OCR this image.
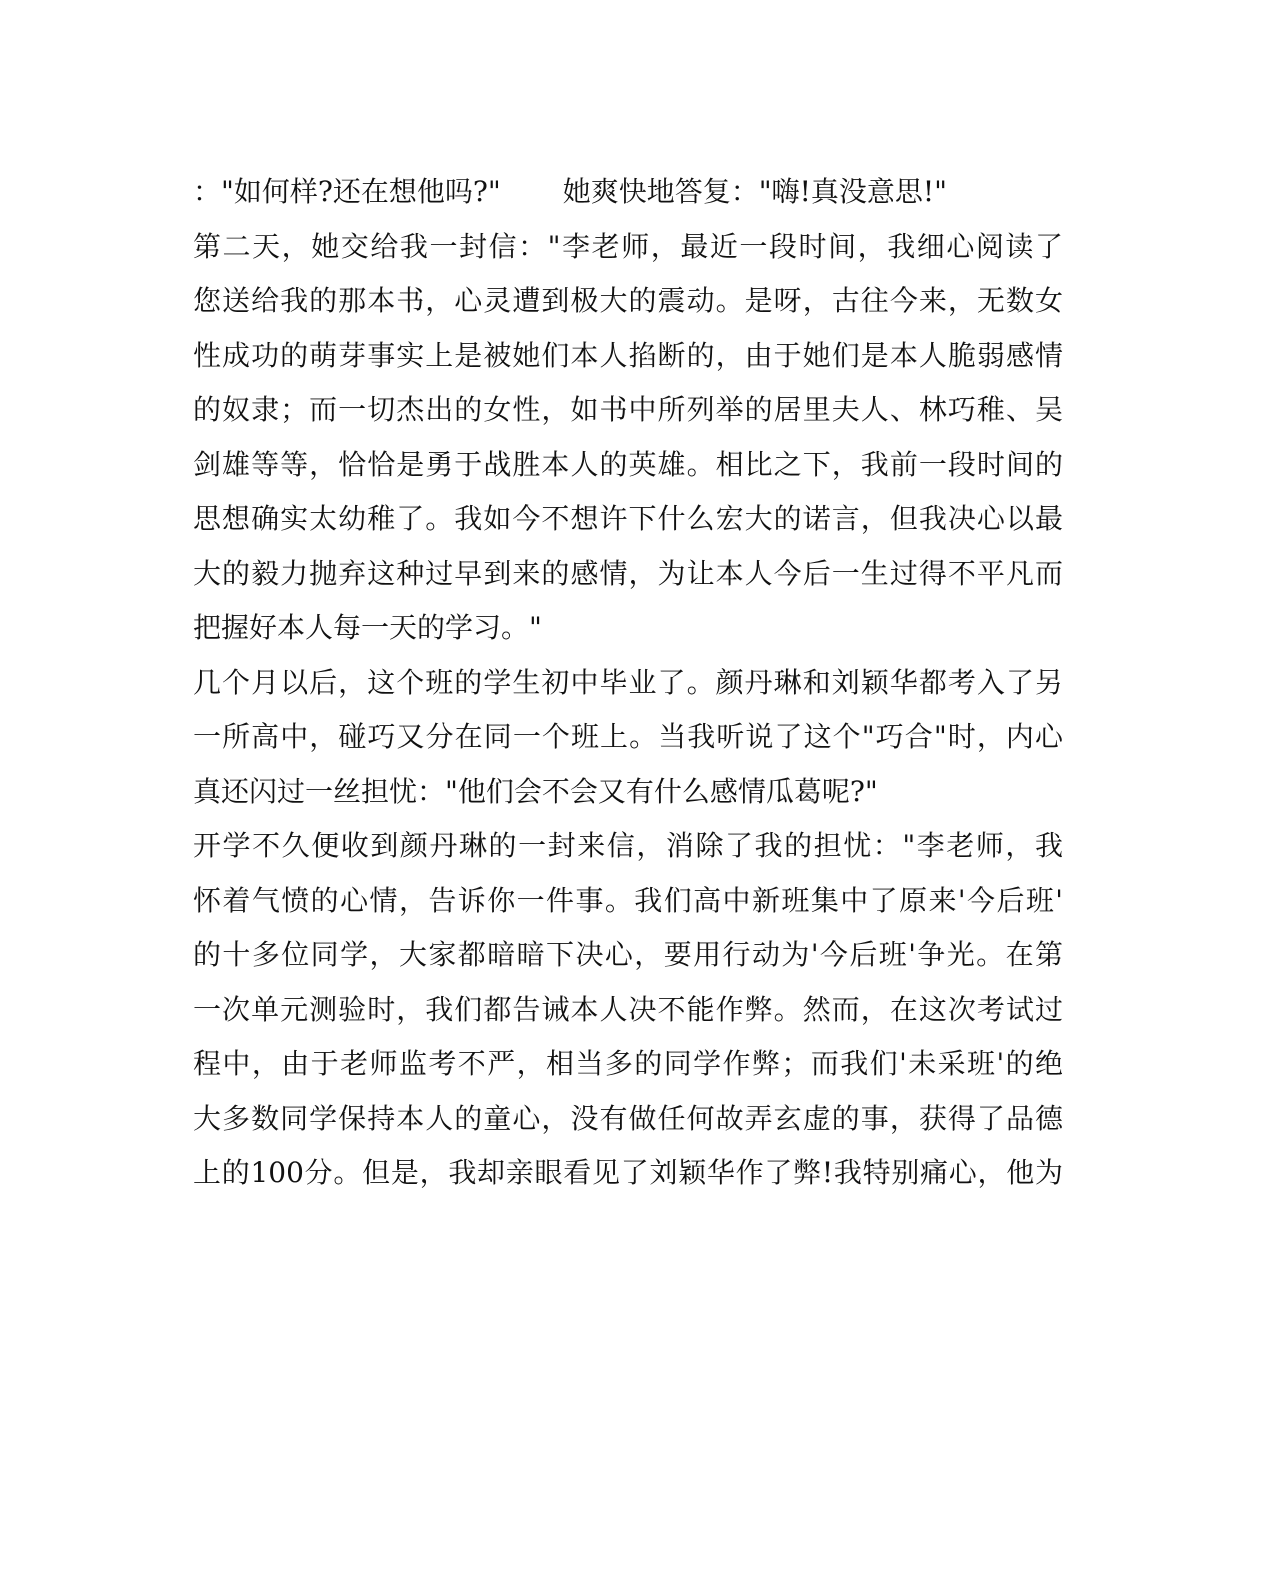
："如何样?还在想他吗?" 她爽快地答复："嗨!真没意思!"
第二天，她交给我一封信："李老师，最近一段时间，我细心阅读了
您送给我的那本书，心灵遭到极大的震动。是呀，古往今来，无数女
性成功的萌芽事实上是被她们本人掐断的，由于她们是本人脆弱感情
的奴隶；而一切杰出的女性，如书中所列举的居里夫人、林巧稚、吴
剑雄等等，恰恰是勇于战胜本人的英雄。相比之下，我前一段时间的
思想确实太幼稚了。我如今不想许下什么宏大的诺言，但我决心以最
大的毅力抛弃这种过早到来的感情，为让本人今后一生过得不平凡而
把握好本人每一天的学习。"
几个月以后，这个班的学生初中毕业了。颜丹琳和刘颖华都考入了另
一所高中，碰巧又分在同一个班上。当我听说了这个"巧合"时，内心
真还闪过一丝担忧："他们会不会又有什么感情瓜葛呢?"
开学不久便收到颜丹琳的一封来信，消除了我的担忧："李老师，我
怀着气愤的心情，告诉你一件事。我们高中新班集中了原来'今后班'
的十多位同学，大家都暗暗下决心，要用行动为'今后班'争光。在第
一次单元测验时，我们都告诫本人决不能作弊。然而，在这次考试过
程中，由于老师监考不严，相当多的同学作弊；而我们'未采班'的绝
大多数同学保持本人的童心，没有做任何故弄玄虚的事，获得了品德
上的100分。但是，我却亲眼看见了刘颖华作了弊!我特别痛心，他为
